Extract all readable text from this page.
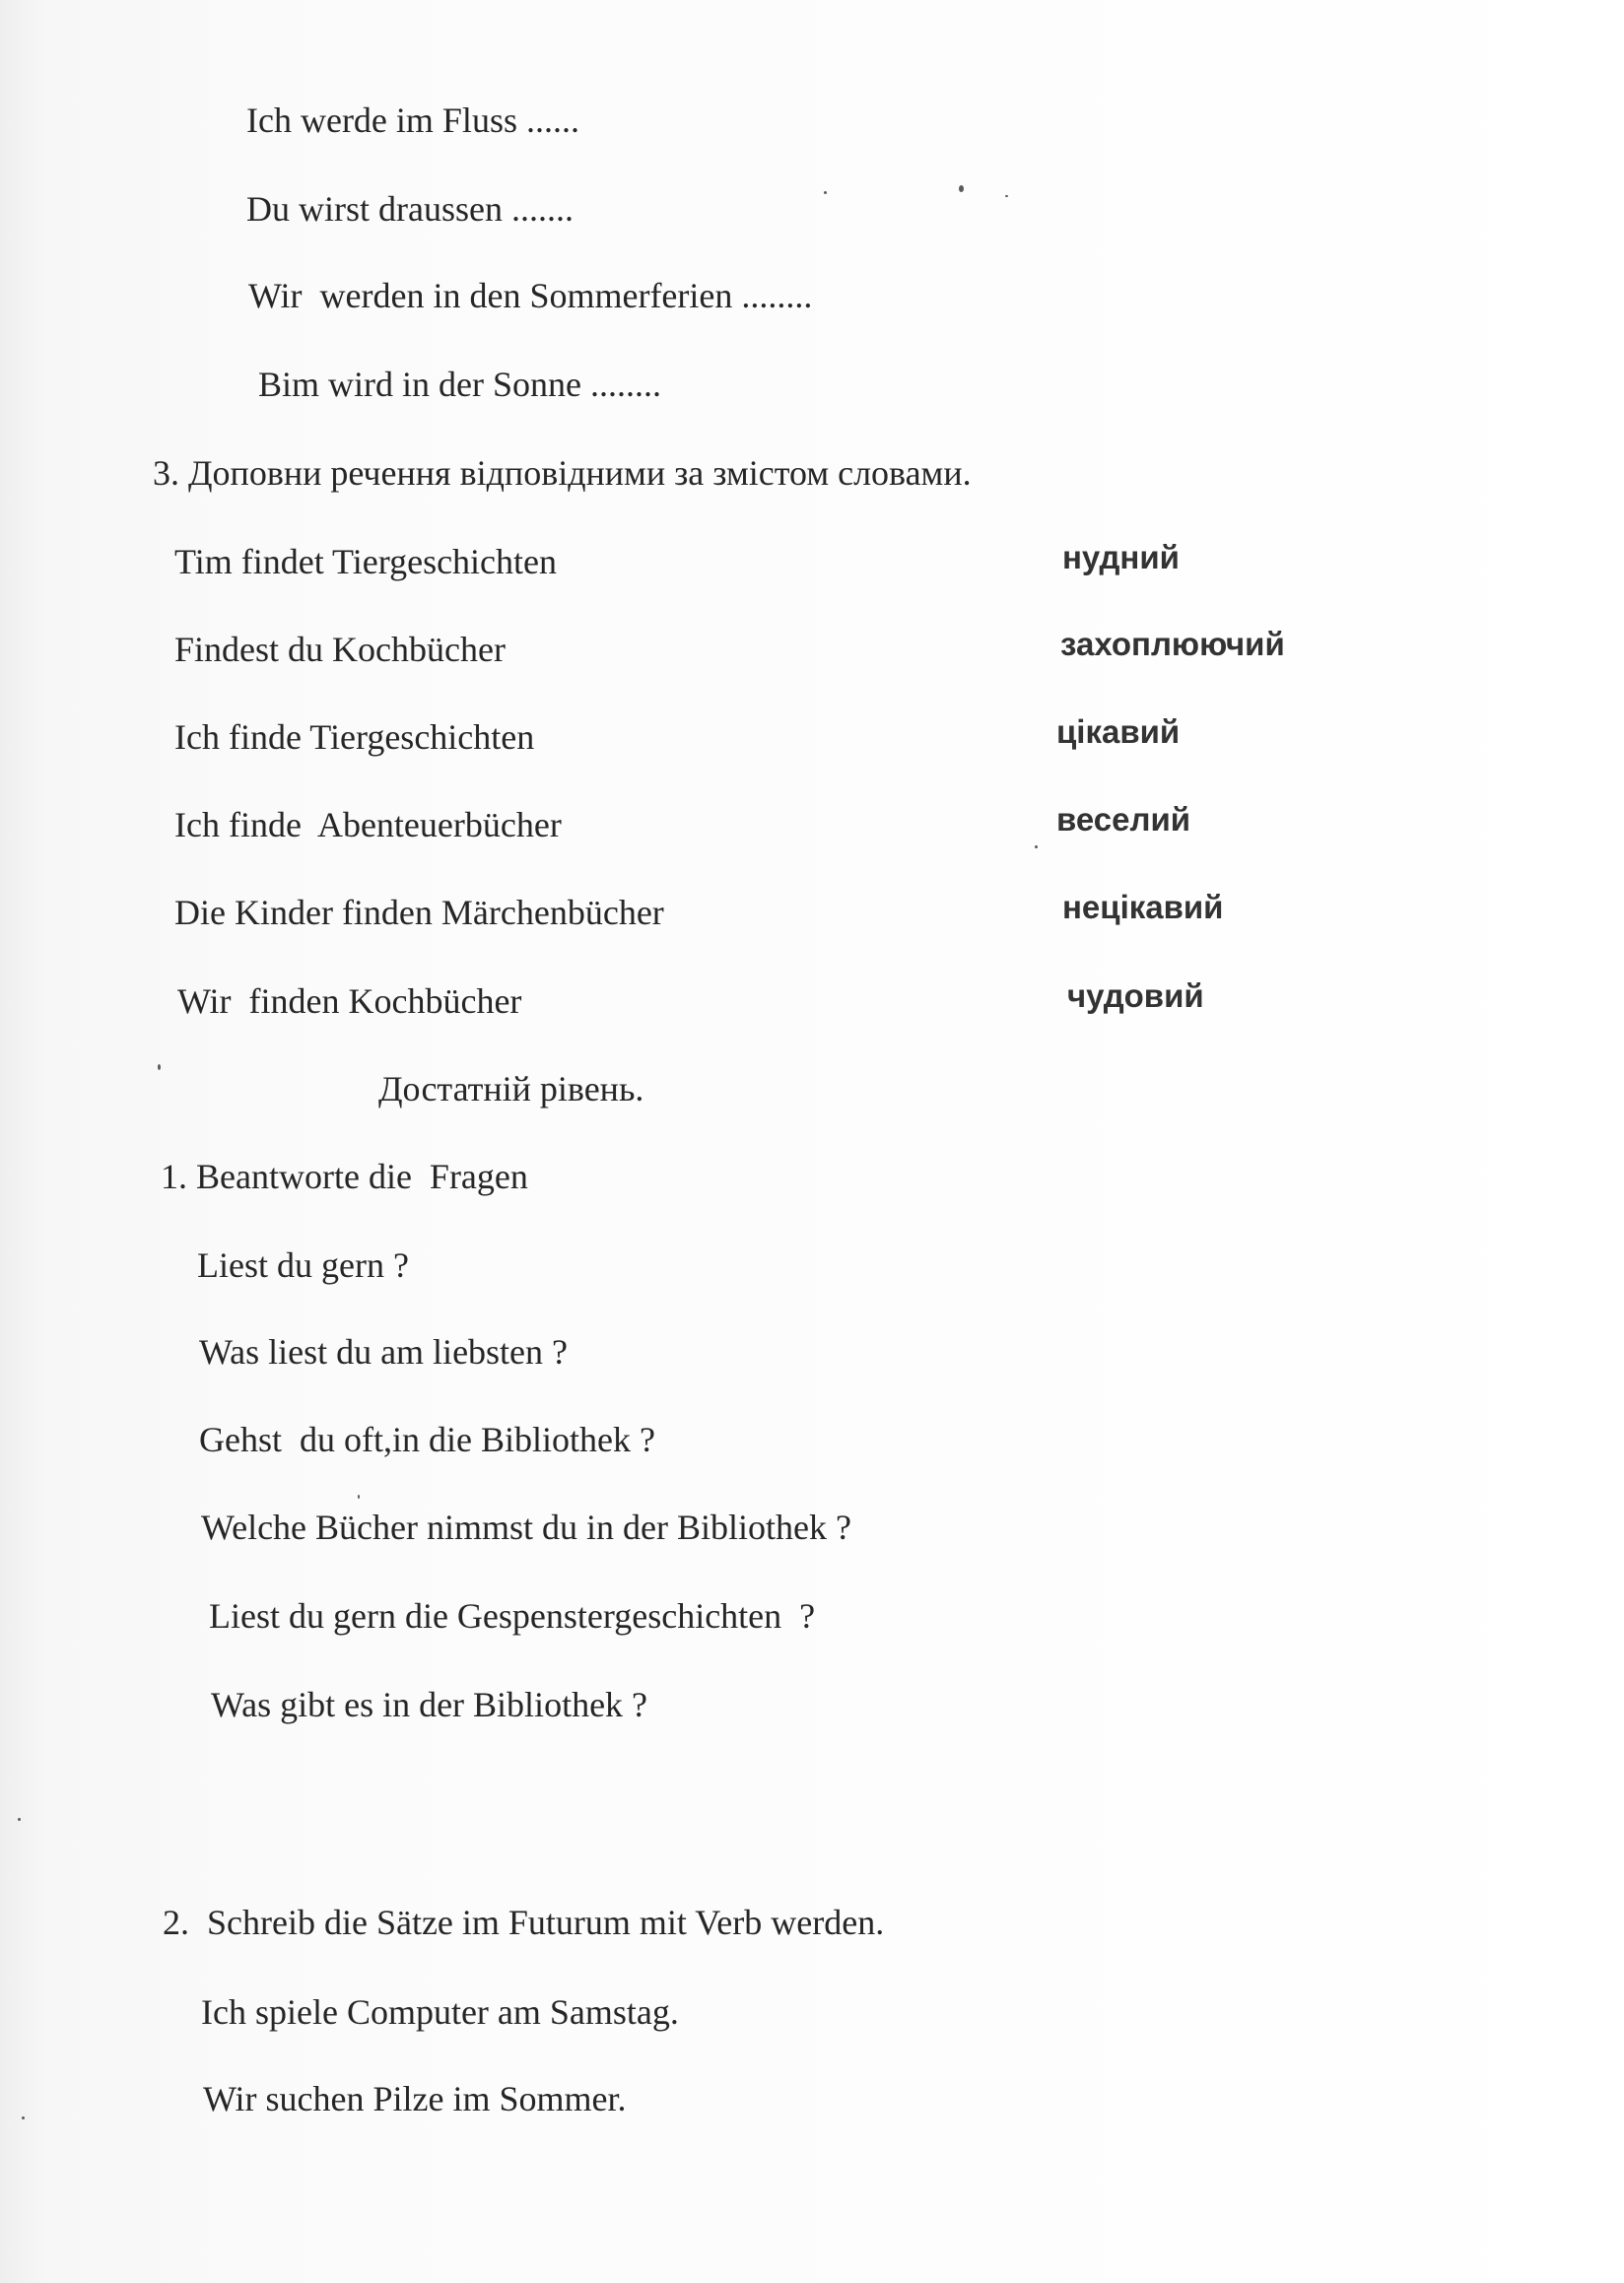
Ich werde im Fluss ......
Du wirst draussen .......
Wir  werden in den Sommerferien ........
Bim wird in der Sonne ........
3. Доповни речення відповідними за змістом словами.
Tim findet Tiergeschichten
Findest du Kochbücher
Ich finde Tiergeschichten
Ich finde  Abenteuerbücher
Die Kinder finden Märchenbücher
Wir  finden Kochbücher
нудний
захоплюючий
цікавий
веселий
нецікавий
чудовий
Достатній рівень.
1. Beantworte die  Fragen
Liest du gern ?
Was liest du am liebsten ?
Gehst  du oft,in die Bibliothek ?
Welche Bücher nimmst du in der Bibliothek ?
Liest du gern die Gespenstergeschichten  ?
Was gibt es in der Bibliothek ?
2.  Schreib die Sätze im Futurum mit Verb werden.
Ich spiele Computer am Samstag.
Wir suchen Pilze im Sommer.
